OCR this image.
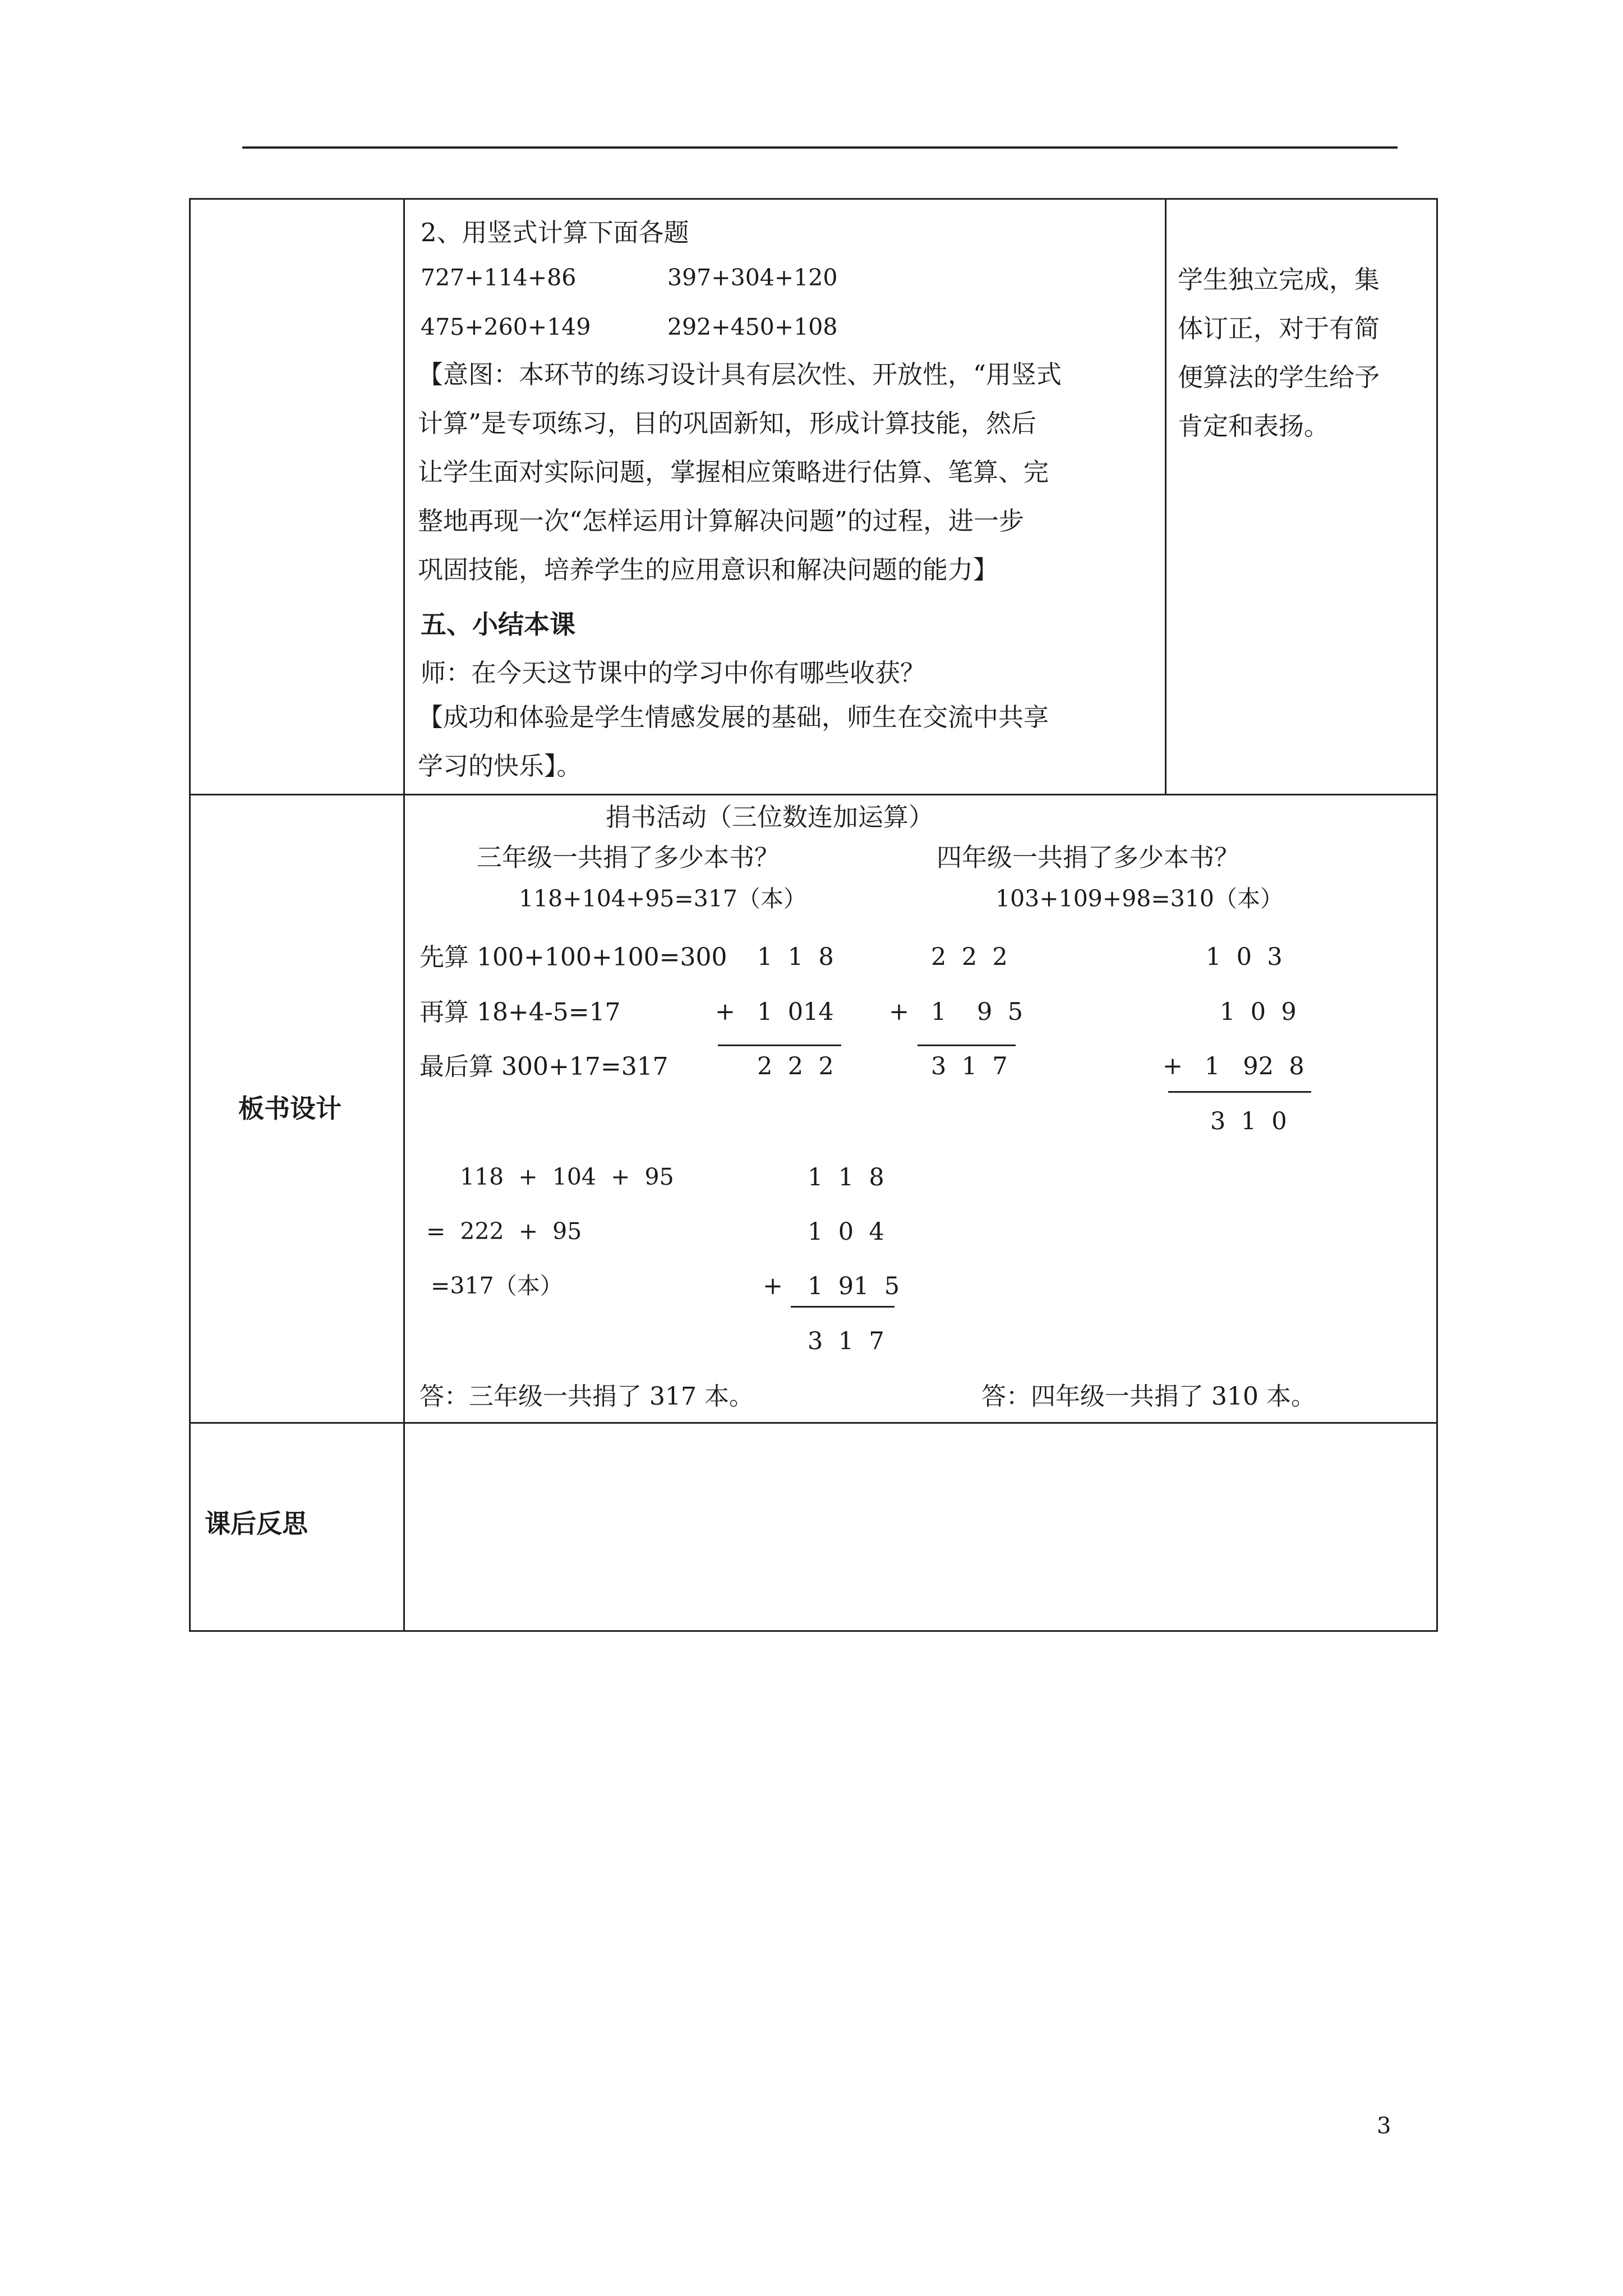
2、用竖式计算下面各题
727+114+86	397+304+120
475+260+149	292+450+108
【意图：本环节的练习设计具有层次性、开放性，“用竖式
计算”是专项练习，目的巩固新知，形成计算技能，然后
让学生面对实际问题，掌握相应策略进行估算、笔算、完
整地再现一次“怎样运用计算解决问题”的过程，进一步
巩固技能，培养学生的应用意识和解决问题的能力】
五、小结本课
师：在今天这节课中的学习中你有哪些收获？
【成功和体验是学生情感发展的基础，师生在交流中共享
学习的快乐】。
学生独立完成，集
体订正，对于有简
便算法的学生给予
肯定和表扬。
板书设计
捐书活动（三位数连加运算）
三年级一共捐了多少本书？	四年级一共捐了多少本书？
118+104+95=317（本）	103+109+98=310（本）
先算 100+100+100=300
再算 18+4-5=17
最后算 300+17=317
1  1  8
+ 1  014
2  2  2
2  2  2
+ 1    9  5
3  1  7
1  0  3
1  0  9
+ 1   92  8
3  1  0
118  +  104  +  95
=  222  +  95
=317（本）
1  1  8
1  0  4
+ 1  91  5
3  1  7
答：三年级一共捐了 317 本。	答：四年级一共捐了 310 本。
课后反思
3
